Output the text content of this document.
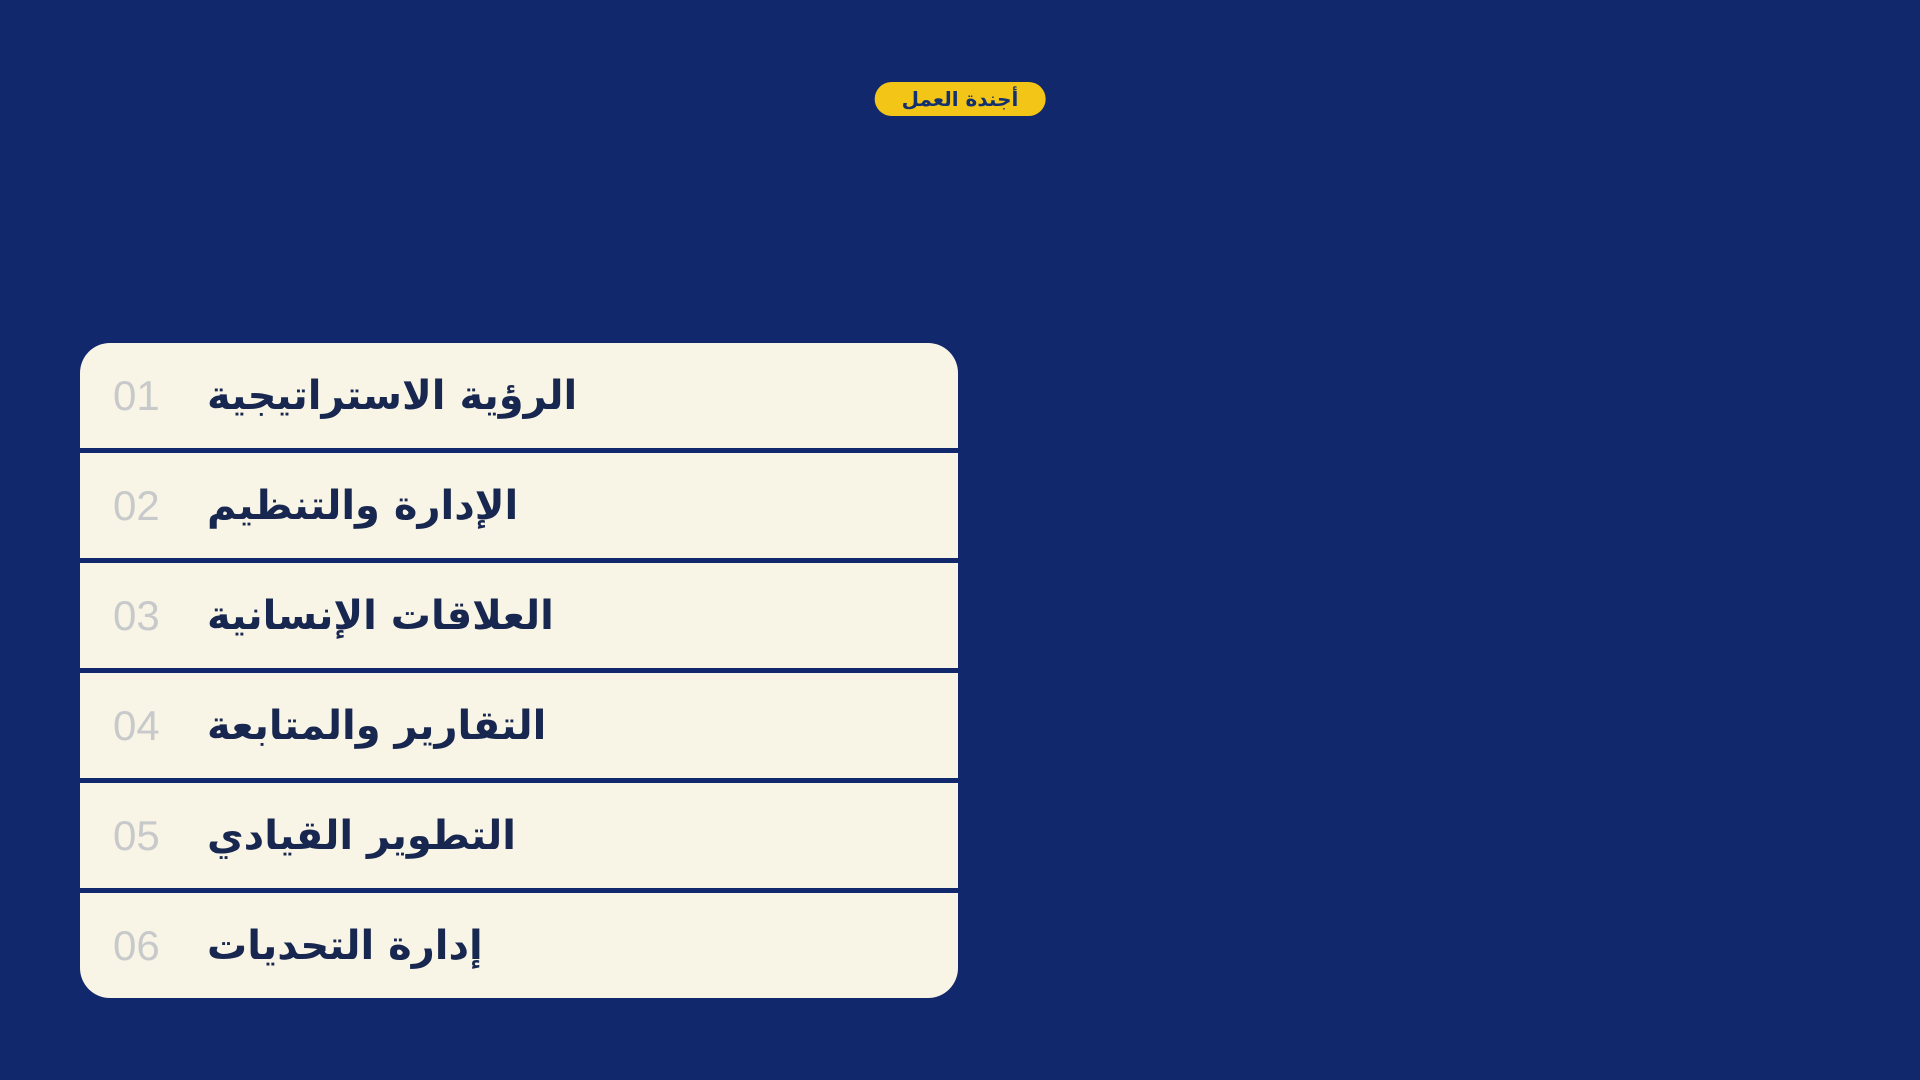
أجندة العمل
01	الرؤية الاستراتيجية
02	الإدارة والتنظيم
03	العلاقات الإنسانية
04	التقارير والمتابعة
05	التطوير القيادي
06	إدارة التحديات
